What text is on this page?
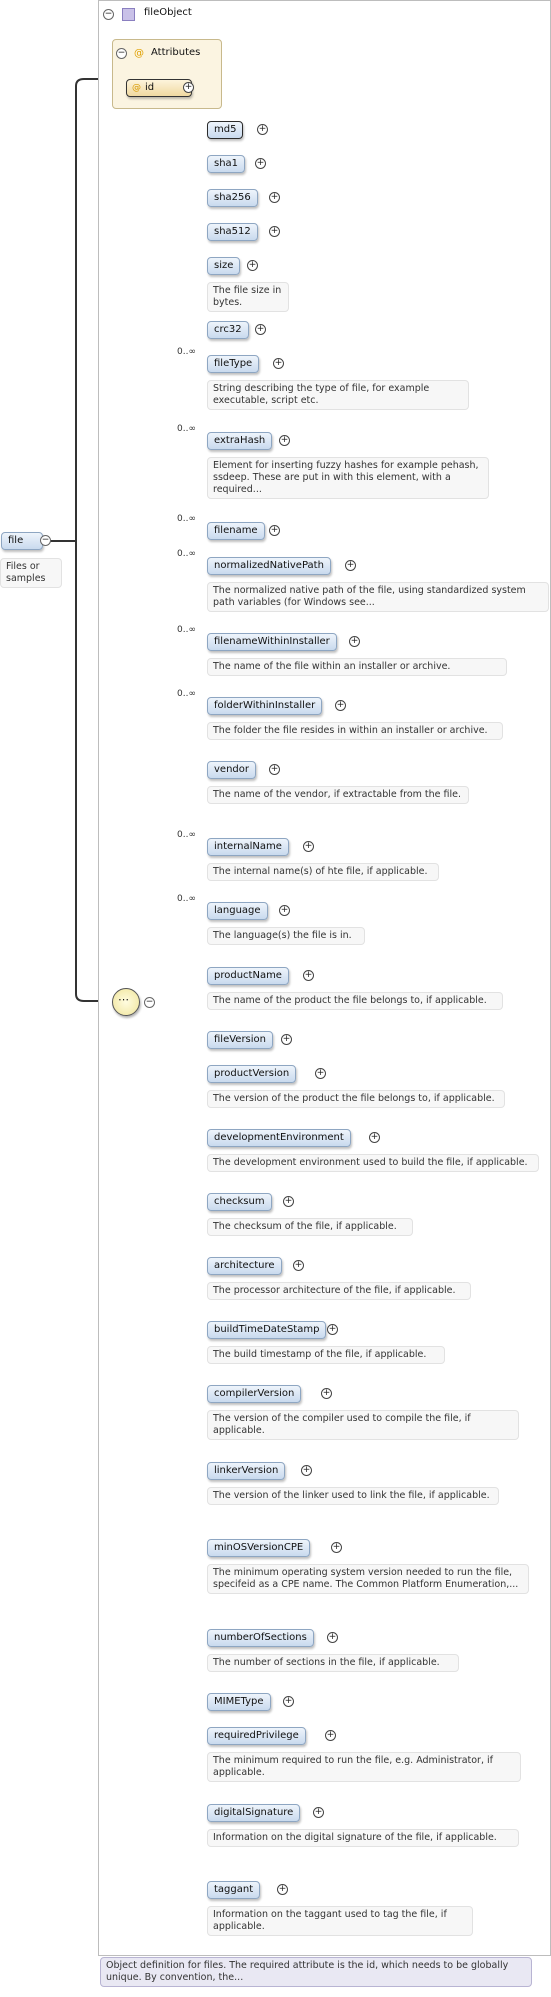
−	fileObject
− @ Attributes
@ id	+
file	−
Files or samples
⋯ −
md5	+
sha1	+
sha256	+
sha512	+
size	+
The file size in bytes.
crc32	+
fileType	+
0..∞
String describing the type of file, for example executable, script etc.
extraHash	+
0..∞
Element for inserting fuzzy hashes for example pehash, ssdeep. These are put in with this element, with a required...
filename	+
0..∞
normalizedNativePath	+
0..∞
The normalized native path of the file, using standardized system path variables (for Windows see...
filenameWithinInstaller	+
0..∞
The name of the file within an installer or archive.
folderWithinInstaller	+
0..∞
The folder the file resides in within an installer or archive.
vendor	+
The name of the vendor, if extractable from the file.
internalName	+
0..∞
The internal name(s) of hte file, if applicable.
language	+
0..∞
The language(s) the file is in.
productName	+
The name of the product the file belongs to, if applicable.
fileVersion	+
productVersion	+
The version of the product the file belongs to, if applicable.
developmentEnvironment	+
The development environment used to build the file, if applicable.
checksum	+
The checksum of the file, if applicable.
architecture	+
The processor architecture of the file, if applicable.
buildTimeDateStamp	+
The build timestamp of the file, if applicable.
compilerVersion	+
The version of the compiler used to compile the file, if applicable.
linkerVersion	+
The version of the linker used to link the file, if applicable.
minOSVersionCPE	+
The minimum operating system version needed to run the file, specifeid as a CPE name. The Common Platform Enumeration,...
numberOfSections	+
The number of sections in the file, if applicable.
MIMEType	+
requiredPrivilege	+
The minimum required to run the file, e.g. Administrator, if applicable.
digitalSignature	+
Information on the digital signature of the file, if applicable.
taggant	+
Information on the taggant used to tag the file, if applicable.
Object definition for files. The required attribute is the id, which needs to be globally unique. By convention, the...
